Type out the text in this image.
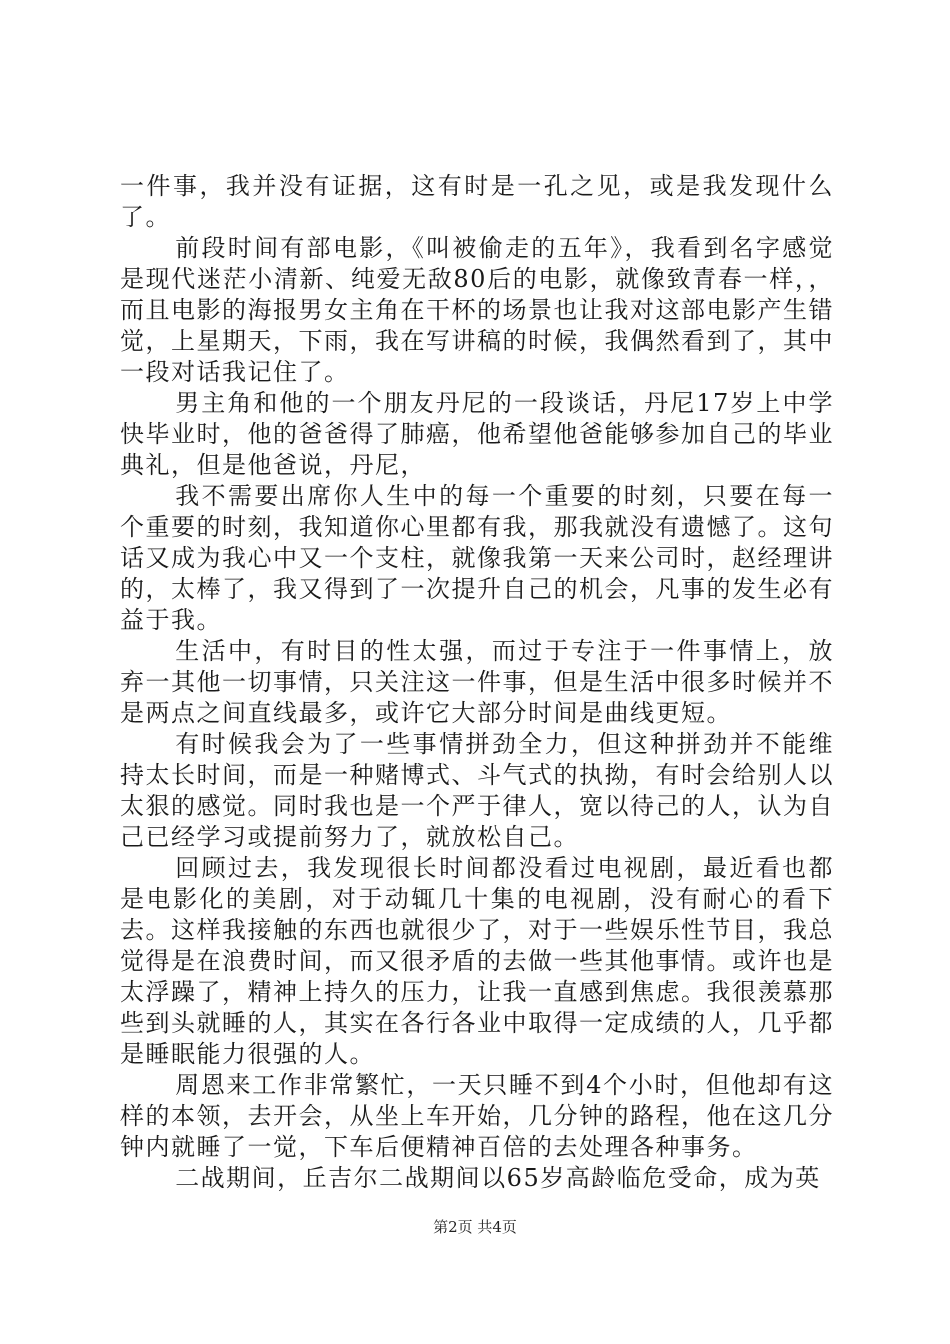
一件事，我并没有证据，这有时是一孔之见，或是我发现什么了。

前段时间有部电影，《叫被偷走的五年》，我看到名字感觉是现代迷茫小清新、纯爱无敌80后的电影，就像致青春一样，，而且电影的海报男女主角在干杯的场景也让我对这部电影产生错觉，上星期天，下雨，我在写讲稿的时候，我偶然看到了，其中一段对话我记住了。

男主角和他的一个朋友丹尼的一段谈话，丹尼17岁上中学快毕业时，他的爸爸得了肺癌，他希望他爸能够参加自己的毕业典礼，但是他爸说，丹尼，

我不需要出席你人生中的每一个重要的时刻，只要在每一个重要的时刻，我知道你心里都有我，那我就没有遗憾了。这句话又成为我心中又一个支柱，就像我第一天来公司时，赵经理讲的，太棒了，我又得到了一次提升自己的机会，凡事的发生必有益于我。

生活中，有时目的性太强，而过于专注于一件事情上，放弃一其他一切事情，只关注这一件事，但是生活中很多时候并不是两点之间直线最多，或许它大部分时间是曲线更短。

有时候我会为了一些事情拼劲全力，但这种拼劲并不能维持太长时间，而是一种赌博式、斗气式的执拗，有时会给别人以太狠的感觉。同时我也是一个严于律人，宽以待己的人，认为自己已经学习或提前努力了，就放松自己。

回顾过去，我发现很长时间都没看过电视剧，最近看也都是电影化的美剧，对于动辄几十集的电视剧，没有耐心的看下去。这样我接触的东西也就很少了，对于一些娱乐性节目，我总觉得是在浪费时间，而又很矛盾的去做一些其他事情。或许也是太浮躁了，精神上持久的压力，让我一直感到焦虑。我很羡慕那些到头就睡的人，其实在各行各业中取得一定成绩的人，几乎都是睡眠能力很强的人。

周恩来工作非常繁忙，一天只睡不到4个小时，但他却有这样的本领，去开会，从坐上车开始，几分钟的路程，他在这几分钟内就睡了一觉，下车后便精神百倍的去处理各种事务。

二战期间，丘吉尔二战期间以65岁高龄临危受命，成为英

第2页 共4页
